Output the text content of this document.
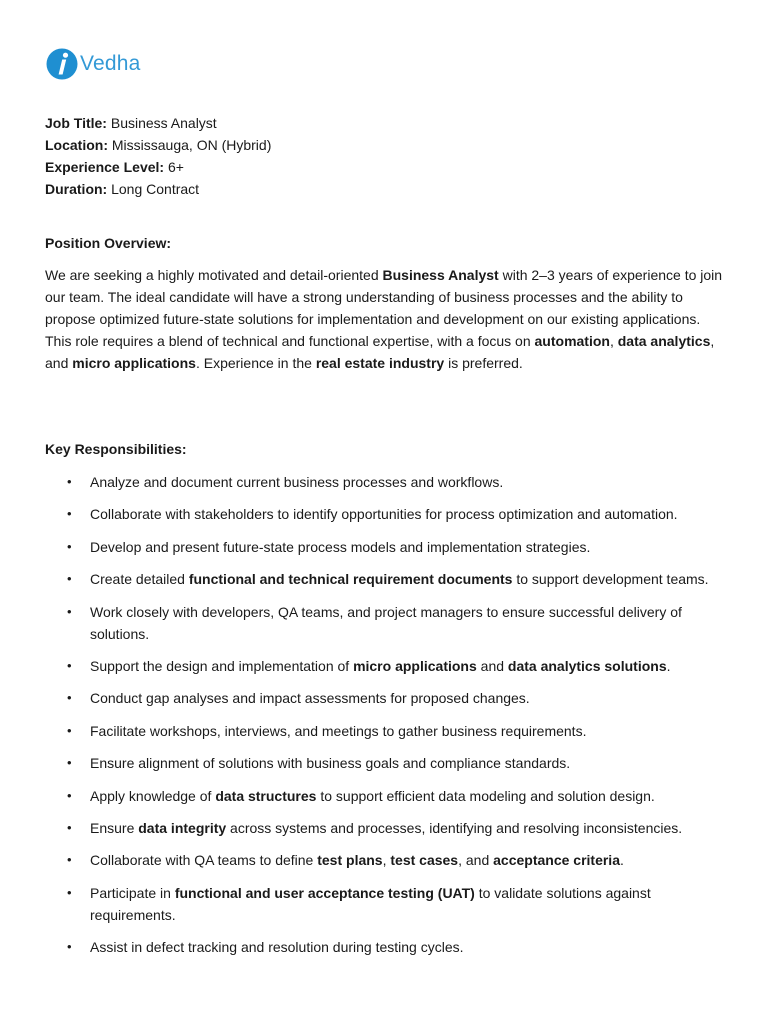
Vedha
Job Title: Business Analyst
Location: Mississauga, ON (Hybrid)
Experience Level: 6+
Duration: Long Contract
Position Overview:

We are seeking a highly motivated and detail-oriented Business Analyst with 2–3 years of experience to join our team. The ideal candidate will have a strong understanding of business processes and the ability to propose optimized future-state solutions for implementation and development on our existing applications. This role requires a blend of technical and functional expertise, with a focus on automation, data analytics, and micro applications. Experience in the real estate industry is preferred.

Key Responsibilities:
•	Analyze and document current business processes and workflows.
•	Collaborate with stakeholders to identify opportunities for process optimization and automation.
•	Develop and present future-state process models and implementation strategies.
•	Create detailed functional and technical requirement documents to support development teams.
•	Work closely with developers, QA teams, and project managers to ensure successful delivery of solutions.
•	Support the design and implementation of micro applications and data analytics solutions.
•	Conduct gap analyses and impact assessments for proposed changes.
•	Facilitate workshops, interviews, and meetings to gather business requirements.
•	Ensure alignment of solutions with business goals and compliance standards.
•	Apply knowledge of data structures to support efficient data modeling and solution design.
•	Ensure data integrity across systems and processes, identifying and resolving inconsistencies.
•	Collaborate with QA teams to define test plans, test cases, and acceptance criteria.
•	Participate in functional and user acceptance testing (UAT) to validate solutions against requirements.
•	Assist in defect tracking and resolution during testing cycles.
